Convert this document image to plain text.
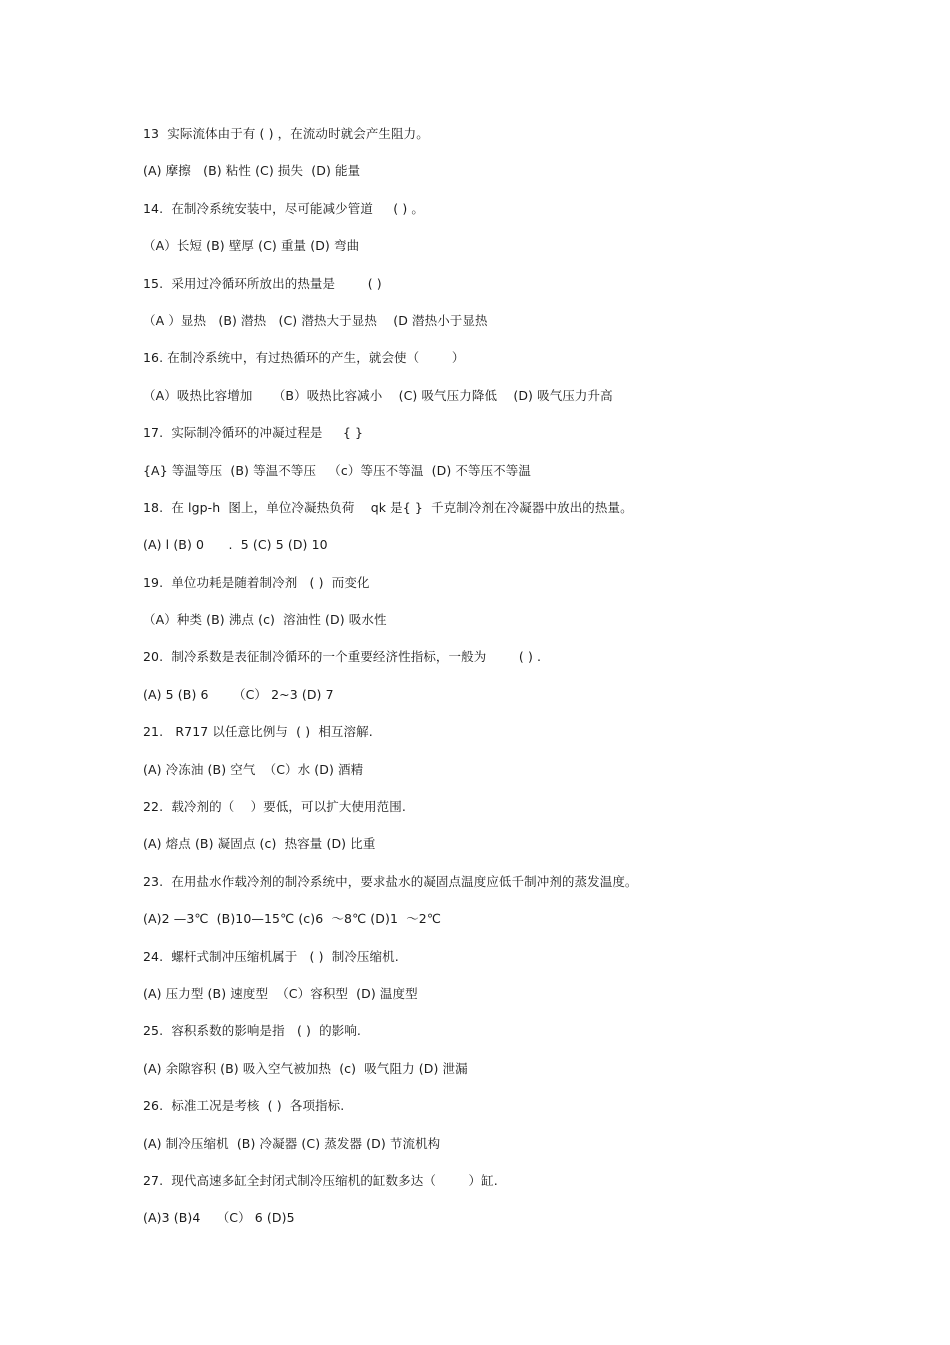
13  实际流体由于有 ( ) ，在流动时就会产生阻力。
(A) 摩擦   (B) 粘性 (C) 损失  (D) 能量
14.  在制冷系统安装中，尽可能减少管道     ( ) 。
（A）长短 (B) 壁厚 (C) 重量 (D) 弯曲
15.  采用过冷循环所放出的热量是        ( )
（A ）显热   (B) 潜热   (C) 潜热大于显热    (D 潜热小于显热
16. 在制冷系统中，有过热循环的产生，就会使（        ）
（A）吸热比容增加     （B）吸热比容减小    (C) 吸气压力降低    (D) 吸气压力升高
17.  实际制冷循环的冲凝过程是     { }
{A} 等温等压  (B) 等温不等压   （c）等压不等温  (D) 不等压不等温
18.  在 lgp-h  图上，单位冷凝热负荷    qk 是{ }  千克制冷剂在冷凝器中放出的热量。
(A) l (B) 0      .  5 (C) 5 (D) 10
19.  单位功耗是随着制冷剂   ( )  而变化
（A）种类 (B) 沸点 (c)  溶油性 (D) 吸水性
20.  制冷系数是表征制冷循环的一个重要经济性指标，一般为        ( ) .
(A) 5 (B) 6      （C） 2~3 (D) 7
21.   R717 以任意比例与  ( )  相互溶解.
(A) 冷冻油 (B) 空气  （C）水 (D) 酒精
22.  载冷剂的（    ）要低，可以扩大使用范围.
(A) 熔点 (B) 凝固点 (c)  热容量 (D) 比重
23.  在用盐水作载冷剂的制冷系统中，要求盐水的凝固点温度应低千制冲剂的蒸发温度。
(A)2 —3℃  (B)10—15℃ (c)6  ～8℃ (D)1  ～2℃
24.  螺杆式制冲压缩机属于   ( )  制冷压缩机.
(A) 压力型 (B) 速度型  （C）容积型  (D) 温度型
25.  容积系数的影响是指   ( )  的影响.
(A) 余隙容积 (B) 吸入空气被加热  (c)  吸气阻力 (D) 泄漏
26.  标准工况是考核  ( )  各项指标.
(A) 制冷压缩机  (B) 冷凝器 (C) 蒸发器 (D) 节流机构
27.  现代高速多缸全封闭式制冷压缩机的缸数多达（        ）缸.
(A)3 (B)4    （C） 6 (D)5
